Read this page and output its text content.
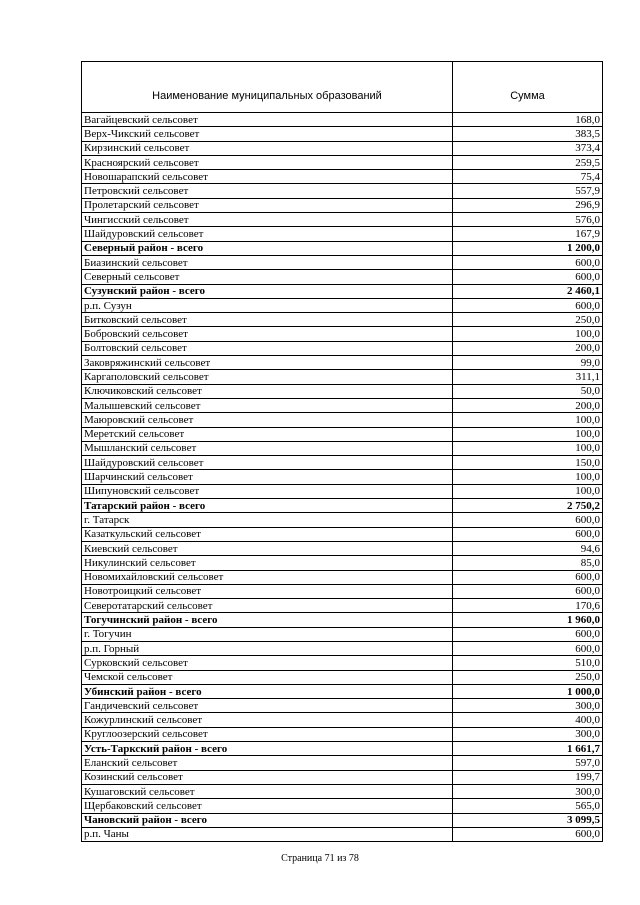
Наименование муниципальных образований	Сумма
Вагайцевский сельсовет	168,0
Верх-Чикский сельсовет	383,5
Кирзинский сельсовет	373,4
Красноярский сельсовет	259,5
Новошарапский сельсовет	75,4
Петровский сельсовет	557,9
Пролетарский сельсовет	296,9
Чингисский сельсовет	576,0
Шайдуровский сельсовет	167,9
Северный район - всего	1 200,0
Биазинский сельсовет	600,0
Северный сельсовет	600,0
Сузунский район - всего	2 460,1
р.п. Сузун	600,0
Битковский сельсовет	250,0
Бобровский сельсовет	100,0
Болтовский сельсовет	200,0
Заковряжинский сельсовет	99,0
Каргаполовский сельсовет	311,1
Ключиковский сельсовет	50,0
Малышевский сельсовет	200,0
Маюровский сельсовет	100,0
Меретский сельсовет	100,0
Мышланский сельсовет	100,0
Шайдуровский сельсовет	150,0
Шарчинский сельсовет	100,0
Шипуновский сельсовет	100,0
Татарский район - всего	2 750,2
г. Татарск	600,0
Казаткульский сельсовет	600,0
Киевский сельсовет	94,6
Никулинский сельсовет	85,0
Новомихайловский сельсовет	600,0
Новотроицкий сельсовет	600,0
Северотатарский сельсовет	170,6
Тогучинский район - всего	1 960,0
г. Тогучин	600,0
р.п. Горный	600,0
Сурковский сельсовет	510,0
Чемской сельсовет	250,0
Убинский район - всего	1 000,0
Гандичевский сельсовет	300,0
Кожурлинский сельсовет	400,0
Круглоозерский сельсовет	300,0
Усть-Таркский район - всего	1 661,7
Еланский сельсовет	597,0
Козинский сельсовет	199,7
Кушаговский сельсовет	300,0
Щербаковский сельсовет	565,0
Чановский район - всего	3 099,5
р.п. Чаны	600,0
Страница 71 из 78
